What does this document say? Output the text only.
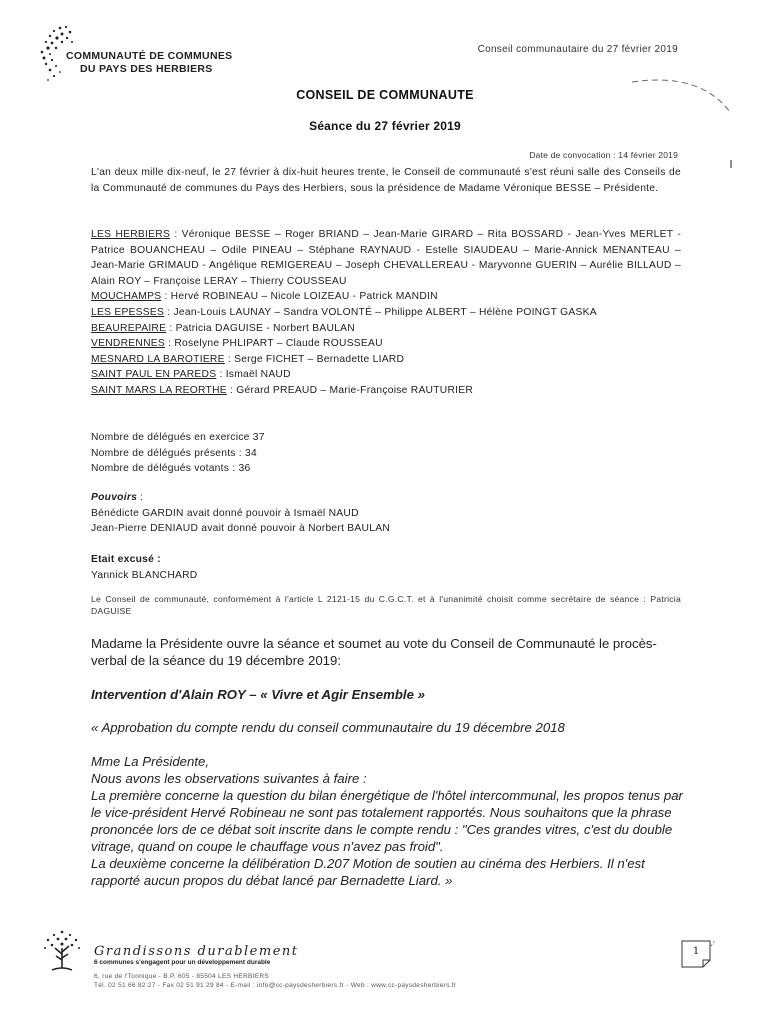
COMMUNAUTÉ DE COMMUNES
DU PAYS DES HERBIERS
Conseil communautaire du 27 février 2019
CONSEIL DE COMMUNAUTE
Séance du 27 février 2019
Date de convocation : 14 février 2019
L'an deux mille dix-neuf, le 27 février à dix-huit heures trente, le Conseil de communauté s'est réuni salle des Conseils de la Communauté de communes du Pays des Herbiers, sous la présidence de Madame Véronique BESSE – Présidente.
LES HERBIERS : Véronique BESSE – Roger BRIAND – Jean-Marie GIRARD – Rita BOSSARD - Jean-Yves MERLET - Patrice BOUANCHEAU – Odile PINEAU – Stéphane RAYNAUD - Estelle SIAUDEAU – Marie-Annick MENANTEAU – Jean-Marie GRIMAUD - Angélique REMIGEREAU – Joseph CHEVALLEREAU - Maryvonne GUERIN – Aurélie BILLAUD – Alain ROY – Françoise LERAY – Thierry COUSSEAU
MOUCHAMPS : Hervé ROBINEAU – Nicole LOIZEAU - Patrick MANDIN
LES EPESSES : Jean-Louis LAUNAY – Sandra VOLONTÉ – Philippe ALBERT – Hélène POINGT GASKA
BEAUREPAIRE : Patricia DAGUISE - Norbert BAULAN
VENDRENNES : Roselyne PHLIPART – Claude ROUSSEAU
MESNARD LA BAROTIERE : Serge FICHET – Bernadette LIARD
SAINT PAUL EN PAREDS : Ismaël NAUD
SAINT MARS LA REORTHE : Gérard PREAUD – Marie-Françoise RAUTURIER
Nombre de délégués en exercice 37
Nombre de délégués présents : 34
Nombre de délégués votants : 36
Pouvoirs :
Bénédicte GARDIN avait donné pouvoir à Ismaël NAUD
Jean-Pierre DENIAUD avait donné pouvoir à Norbert BAULAN
Etait excusé :
Yannick BLANCHARD
Le Conseil de communauté, conformément à l'article L 2121-15 du C.G.C.T. et à l'unanimité choisit comme secrétaire de séance : Patricia DAGUISE
Madame la Présidente ouvre la séance et soumet au vote du Conseil de Communauté le procès-verbal de la séance du 19 décembre 2019:
Intervention d'Alain ROY – « Vivre et Agir Ensemble »
« Approbation du compte rendu du conseil communautaire du 19 décembre 2018
Mme La Présidente,
Nous avons les observations suivantes à faire :
La première concerne la question du bilan énergétique de l'hôtel intercommunal, les propos tenus par le vice-président Hervé Robineau ne sont pas totalement rapportés. Nous souhaitons que la phrase prononcée lors de ce débat soit inscrite dans le compte rendu : "Ces grandes vitres, c'est du double vitrage, quand on coupe le chauffage vous n'avez pas froid".
La deuxième concerne la délibération D.207 Motion de soutien au cinéma des Herbiers. Il n'est rapporté aucun propos du débat lancé par Bernadette Liard. »
Grandissons durablement
6 communes s'engagent pour un développement durable
6, rue de l'Tonnique - B.P. 605 - 85504 LES HERBIERS
Tél. 02 51 66 82 27 - Fax 02 51 91 29 84 - E-mail : info@cc-paysdesherbiers.fr - Web : www.cc-paysdesherbiers.fr
1
